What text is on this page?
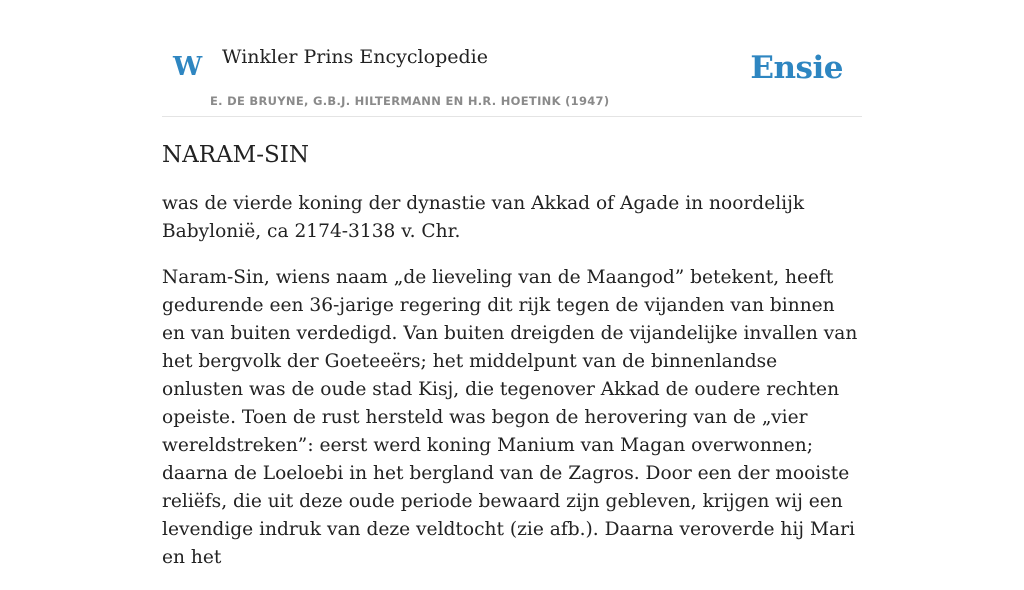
W Winkler Prins Encyclopedie
E. DE BRUYNE, G.B.J. HILTERMANN EN H.R. HOETINK (1947)
Ensie
NARAM-SIN

was de vierde koning der dynastie van Akkad of Agade in noordelijk Babylonië, ca 2174-3138 v. Chr.

Naram-Sin, wiens naam „de lieveling van de Maangod” betekent, heeft gedurende een 36-jarige regering dit rijk tegen de vijanden van binnen en van buiten verdedigd. Van buiten dreigden de vijandelijke invallen van het bergvolk der Goeteeërs; het middelpunt van de binnenlandse onlusten was de oude stad Kisj, die tegenover Akkad de oudere rechten opeiste. Toen de rust hersteld was begon de herovering van de „vier wereldstreken”: eerst werd koning Manium van Magan overwonnen; daarna de Loeloebi in het bergland van de Zagros. Door een der mooiste reliëfs, die uit deze oude periode bewaard zijn gebleven, krijgen wij een levendige indruk van deze veldtocht (zie afb.). Daarna veroverde hij Mari en het
